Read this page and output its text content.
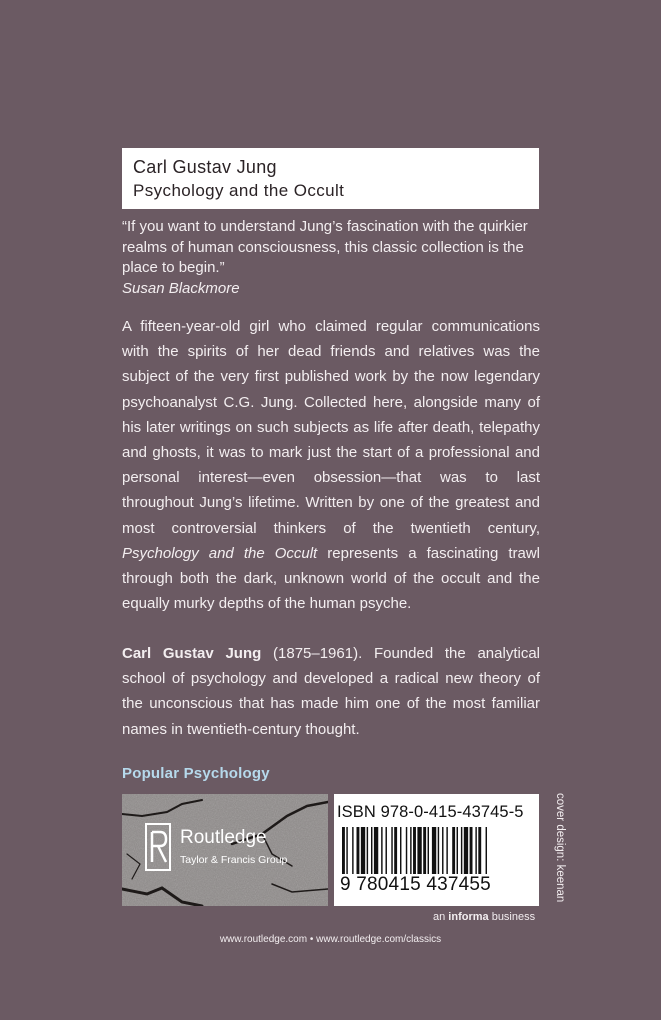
Carl Gustav Jung
Psychology and the Occult
“If you want to understand Jung’s fascination with the quirkier realms of human consciousness, this classic collection is the place to begin.”
Susan Blackmore
A fifteen-year-old girl who claimed regular communications with the spirits of her dead friends and relatives was the subject of the very first published work by the now legendary psychoanalyst C.G. Jung. Collected here, alongside many of his later writings on such subjects as life after death, telepathy and ghosts, it was to mark just the start of a professional and personal interest—even obsession—that was to last throughout Jung’s lifetime. Written by one of the greatest and most controversial thinkers of the twentieth century, Psychology and the Occult represents a fascinating trawl through both the dark, unknown world of the occult and the equally murky depths of the human psyche.
Carl Gustav Jung (1875–1961). Founded the analytical school of psychology and developed a radical new theory of the unconscious that has made him one of the most familiar names in twentieth-century thought.
Popular Psychology
Routledge
Taylor & Francis Group
ISBN 978-0-415-43745-5
9 780415 437455	cover design: keenan
an informa business
www.routledge.com • www.routledge.com/classics
